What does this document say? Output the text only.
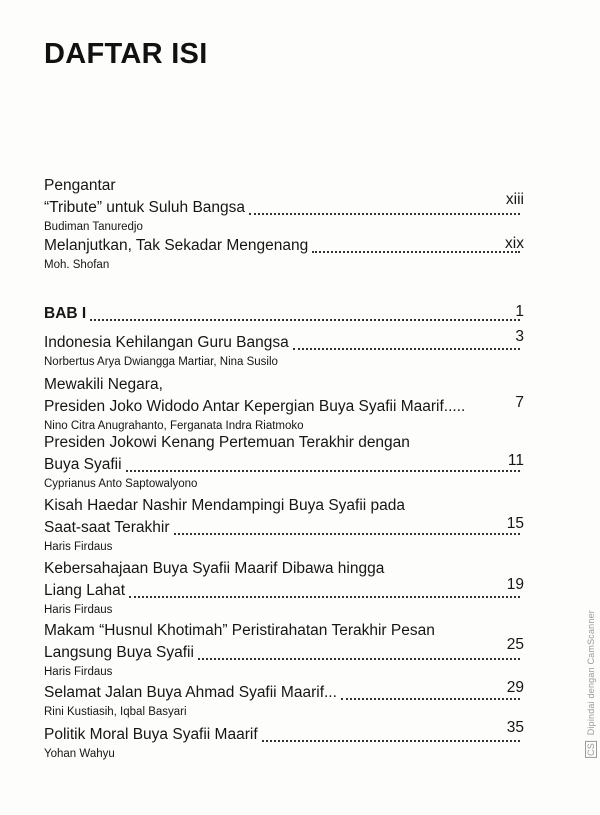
DAFTAR ISI
Pengantar
“Tribute” untuk Suluh Bangsa	xiii
Budiman Tanuredjo
Melanjutkan, Tak Sekadar Mengenang	xix
Moh. Shofan
BAB I	1
Indonesia Kehilangan Guru Bangsa	3
Norbertus Arya Dwiangga Martiar, Nina Susilo
Mewakili Negara,
Presiden Joko Widodo Antar Kepergian Buya Syafii Maarif.....	7
Nino Citra Anugrahanto, Ferganata Indra Riatmoko
Presiden Jokowi Kenang Pertemuan Terakhir dengan
Buya Syafii	11
Cyprianus Anto Saptowalyono
Kisah Haedar Nashir Mendampingi Buya Syafii pada
Saat-saat Terakhir	15
Haris Firdaus
Kebersahajaan Buya Syafii Maarif Dibawa hingga
Liang Lahat	19
Haris Firdaus
Makam “Husnul Khotimah” Peristirahatan Terakhir Pesan
Langsung Buya Syafii	25
Haris Firdaus
Selamat Jalan Buya Ahmad Syafii Maarif...	29
Rini Kustiasih, Iqbal Basyari
Politik Moral Buya Syafii Maarif	35
Yohan Wahyu	CS Dipindai dengan CamScanner
